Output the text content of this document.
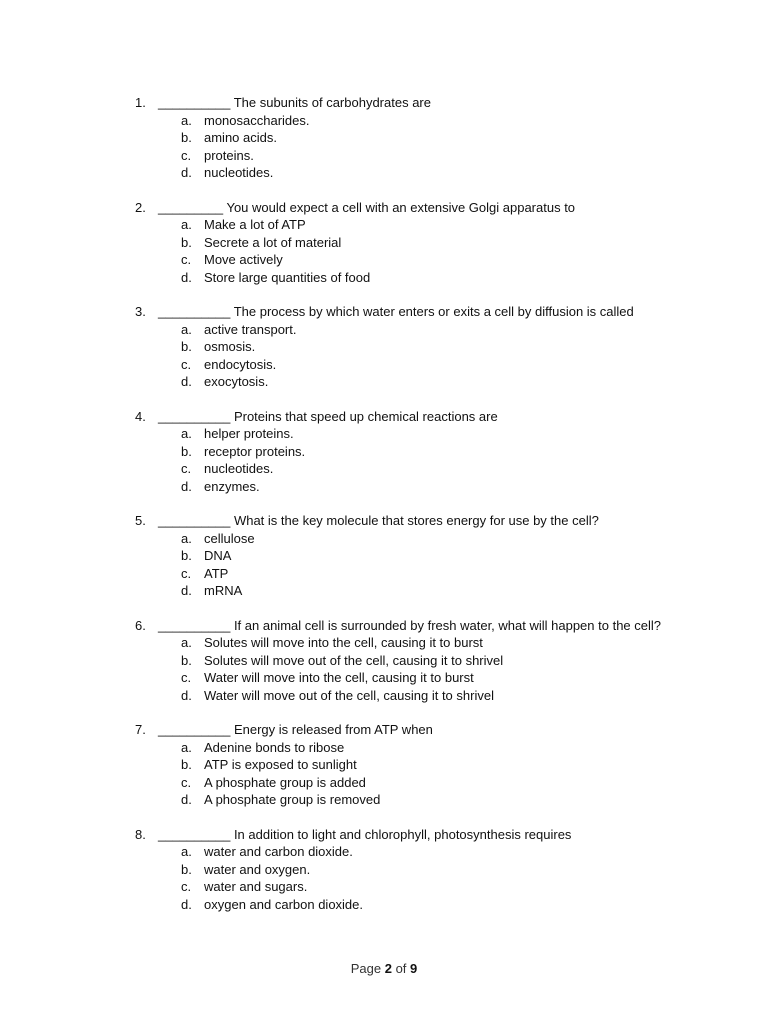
1. __________ The subunits of carbohydrates are
a. monosaccharides.
b. amino acids.
c. proteins.
d. nucleotides.
2. _________ You would expect a cell with an extensive Golgi apparatus to
a. Make a lot of ATP
b. Secrete a lot of material
c. Move actively
d. Store large quantities of food
3. __________ The process by which water enters or exits a cell by diffusion is called
a. active transport.
b. osmosis.
c. endocytosis.
d. exocytosis.
4. __________ Proteins that speed up chemical reactions are
a. helper proteins.
b. receptor proteins.
c. nucleotides.
d. enzymes.
5. __________ What is the key molecule that stores energy for use by the cell?
a. cellulose
b. DNA
c. ATP
d. mRNA
6. __________ If an animal cell is surrounded by fresh water, what will happen to the cell?
a. Solutes will move into the cell, causing it to burst
b. Solutes will move out of the cell, causing it to shrivel
c. Water will move into the cell, causing it to burst
d. Water will move out of the cell, causing it to shrivel
7. __________ Energy is released from ATP when
a. Adenine bonds to ribose
b. ATP is exposed to sunlight
c. A phosphate group is added
d. A phosphate group is removed
8. __________ In addition to light and chlorophyll, photosynthesis requires
a. water and carbon dioxide.
b. water and oxygen.
c. water and sugars.
d. oxygen and carbon dioxide.
Page 2 of 9
